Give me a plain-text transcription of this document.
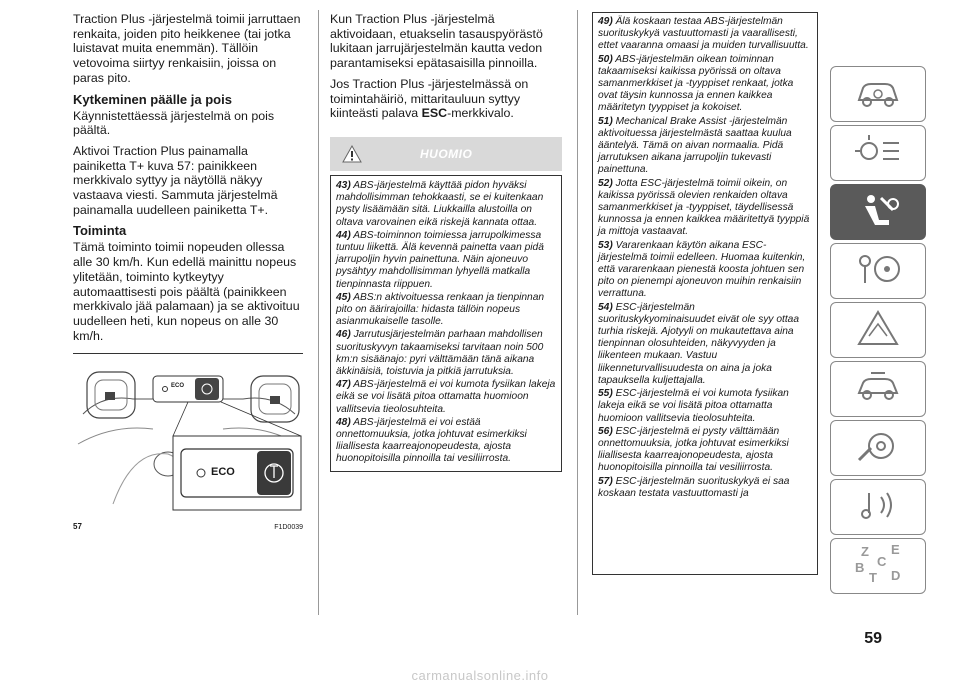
Traction Plus -järjestelmä toimii jarruttaen renkaita, joiden pito heikkenee (tai jotka luistavat muita enemmän). Tällöin vetovoima siirtyy renkaisiin, joissa on paras pito.

Kytkeminen päälle ja pois

Käynnistettäessä järjestelmä on pois päältä.

Aktivoi Traction Plus painamalla painiketta T+ kuva 57: painikkeen merkkivalo syttyy ja näytöllä näkyy vastaava viesti. Sammuta järjestelmä painamalla uudelleen painiketta T+.

Toiminta

Tämä toiminto toimii nopeuden ollessa alle 30 km/h. Kun edellä mainittu nopeus ylitetään, toiminto kytkeytyy automaattisesti pois päältä (painikkeen merkkivalo jää palamaan) ja se aktivoituu uudelleen heti, kun nopeus on alle 30 km/h.

ECO
ECO
57	F1D0039

Kun Traction Plus -järjestelmä aktivoidaan, etuakselin tasauspyörästö lukitaan jarrujärjestelmän kautta vedon parantamiseksi epätasaisilla pinnoilla.

Jos Traction Plus -järjestelmässä on toimintahäiriö, mittaritauluun syttyy kiinteästi palava ESC-merkkivalo.

HUOMIO

43) ABS-järjestelmä käyttää pidon hyväksi mahdollisimman tehokkaasti, se ei kuitenkaan pysty lisäämään sitä. Liukkailla alustoilla on oltava varovainen eikä riskejä kannata ottaa.

44) ABS-toiminnon toimiessa jarrupolkimessa tuntuu liikettä. Älä kevennä painetta vaan pidä jarrupoljin hyvin painettuna. Näin ajoneuvo pysähtyy mahdollisimman lyhyellä matkalla tienpinnasta riippuen.

45) ABS:n aktivoituessa renkaan ja tienpinnan pito on äärirajoilla: hidasta tällöin nopeus asianmukaiselle tasolle.

46) Jarrutusjärjestelmän parhaan mahdollisen suorituskyvyn takaamiseksi tarvitaan noin 500 km:n sisäänajo: pyri välttämään tänä aikana äkkinäisiä, toistuvia ja pitkiä jarrutuksia.

47) ABS-järjestelmä ei voi kumota fysiikan lakeja eikä se voi lisätä pitoa ottamatta huomioon vallitsevia tieolosuhteita.

48) ABS-järjestelmä ei voi estää onnettomuuksia, jotka johtuvat esimerkiksi liiallisesta kaarreajonopeudesta, ajosta huonopitoisilla pinnoilla tai vesiliirrosta.

49) Älä koskaan testaa ABS-järjestelmän suorituskykyä vastuuttomasti ja vaarallisesti, ettet vaaranna omaasi ja muiden turvallisuutta.

50) ABS-järjestelmän oikean toiminnan takaamiseksi kaikissa pyörissä on oltava samanmerkkiset ja -tyyppiset renkaat, jotka ovat täysin kunnossa ja ennen kaikkea määritetyn tyyppiset ja kokoiset.

51) Mechanical Brake Assist -järjestelmän aktivoituessa järjestelmästä saattaa kuulua ääntelyä. Tämä on aivan normaalia. Pidä jarrutuksen aikana jarrupoljin tukevasti painettuna.

52) Jotta ESC-järjestelmä toimii oikein, on kaikissa pyörissä olevien renkaiden oltava samanmerkkiset ja -tyyppiset, täydellisessä kunnossa ja ennen kaikkea määritettyä tyyppiä ja mittoja vastaavat.

53) Vararenkaan käytön aikana ESC-järjestelmä toimii edelleen. Huomaa kuitenkin, että vararenkaan pienestä koosta johtuen sen pito on pienempi ajoneuvon muihin renkaisiin verrattuna.

54) ESC-järjestelmän suorituskykyominaisuudet eivät ole syy ottaa turhia riskejä. Ajotyyli on mukautettava aina tienpinnan olosuhteiden, näkyvyyden ja liikenteen mukaan. Vastuu liikenneturvallisuudesta on aina ja joka tapauksella kuljettajalla.

55) ESC-järjestelmä ei voi kumota fysiikan lakeja eikä se voi lisätä pitoa ottamatta huomioon vallitsevia tieolosuhteita.

56) ESC-järjestelmä ei pysty välttämään onnettomuuksia, jotka johtuvat esimerkiksi liiallisesta kaarreajonopeudesta, ajosta huonopitoisilla pinnoilla tai vesiliirrosta.

57) ESC-järjestelmän suorituskykyä ei saa koskaan testata vastuuttomasti ja

Z E
B C
T D
59
carmanualsonline.info
